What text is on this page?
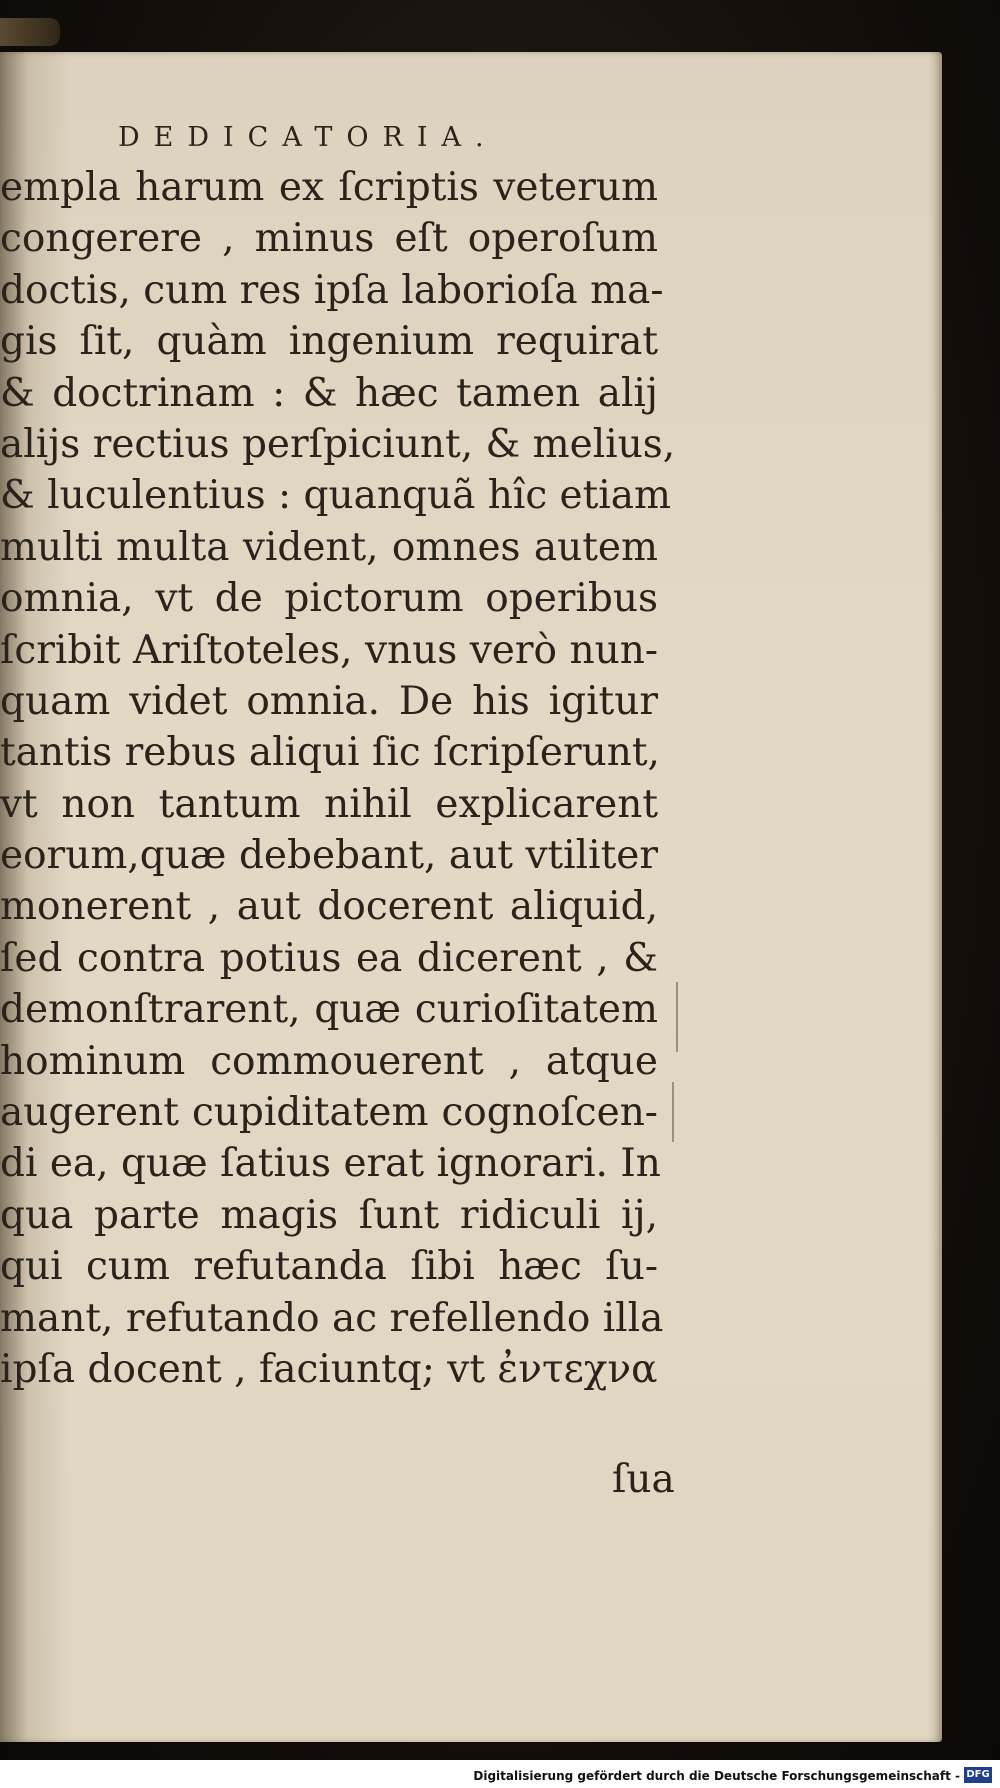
DEDICATORIA.
empla harum ex ſcriptis veterum
congerere , minus eſt operoſum
doctis, cum res ipſa laborioſa ma-
gis ſit, quàm ingenium requirat
& doctrinam : & hæc tamen alij
aliјs rectius perſpiciunt, & melius,
& luculentius : quanquã hîc etiam
multi multa vident, omnes autem
omnia, vt de pictorum operibus
ſcribit Ariſtoteles, vnus verò nun-
quam videt omnia. De his igitur
tantis rebus aliqui ſic ſcripſerunt,
vt non tantum nihil explicarent
eorum,quæ debebant, aut vtiliter
monerent , aut docerent aliquid,
ſed contra potius ea dicerent , &
demonſtrarent, quæ curioſitatem
hominum commouerent , atque
augerent cupiditatem cognoſcen-
di ea, quæ ſatius erat ignorari. In
qua parte magis ſunt ridiculi ij,
qui cum refutanda ſibi hæc ſu-
mant, refutando ac refellendo illa
ipſa docent , faciuntq; vt ἐντεχνα
ſua
Digitalisierung gefördert durch die Deutsche Forschungsgemeinschaft - DFG
